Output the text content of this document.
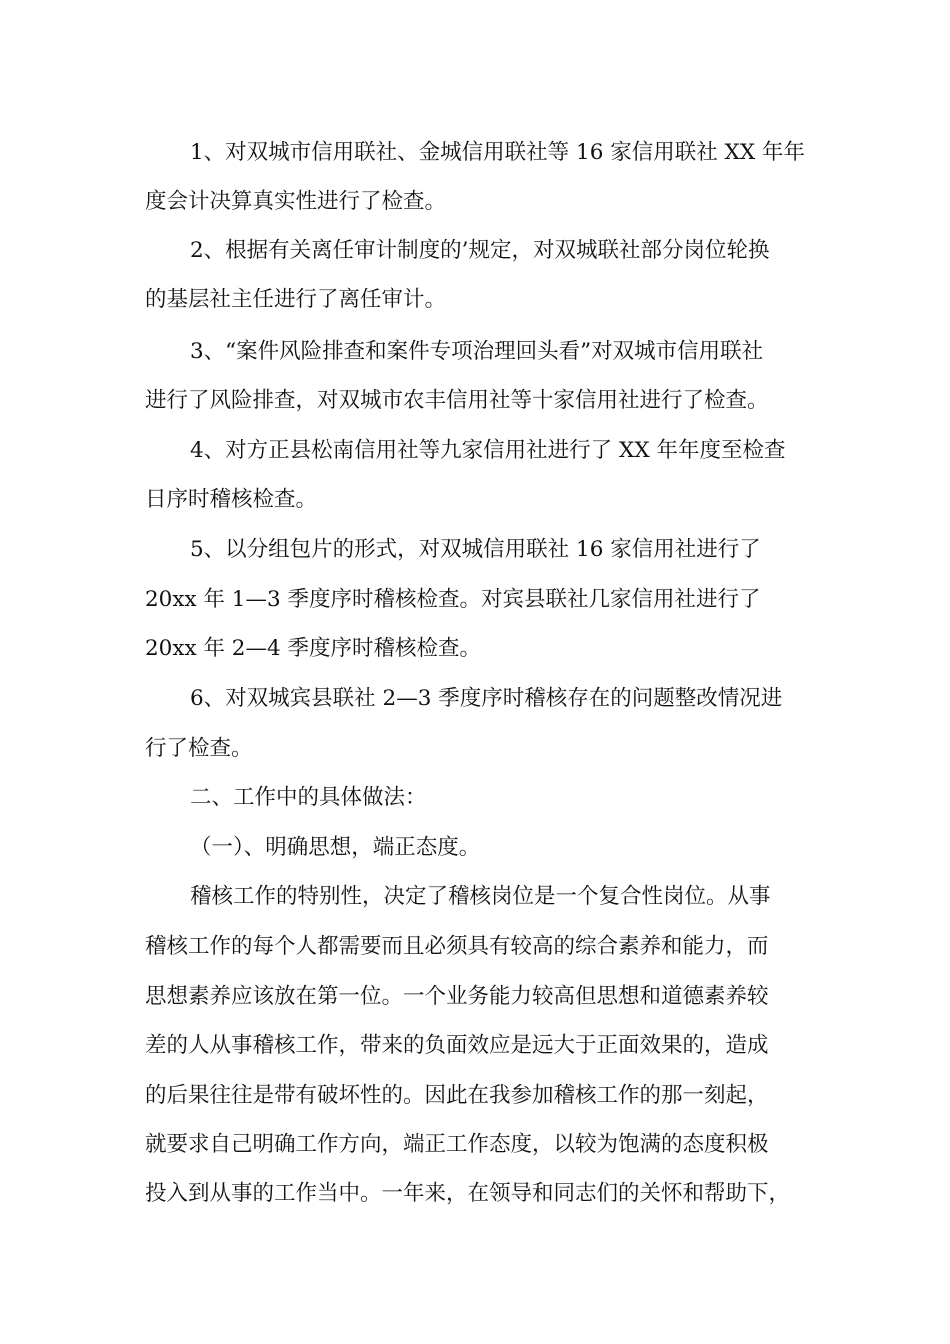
1、对双城市信用联社、金城信用联社等 16 家信用联社 XX 年年
度会计决算真实性进行了检查。
2、根据有关离任审计制度的’规定，对双城联社部分岗位轮换
的基层社主任进行了离任审计。
3、“案件风险排查和案件专项治理回头看”对双城市信用联社
进行了风险排查，对双城市农丰信用社等十家信用社进行了检查。
4、对方正县松南信用社等九家信用社进行了 XX 年年度至检查
日序时稽核检查。
5、以分组包片的形式，对双城信用联社 16 家信用社进行了
20xx 年 1—3 季度序时稽核检查。对宾县联社几家信用社进行了
20xx 年 2—4 季度序时稽核检查。
6、对双城宾县联社 2—3 季度序时稽核存在的问题整改情况进
行了检查。
二、工作中的具体做法：
（一）、明确思想，端正态度。
稽核工作的特别性，决定了稽核岗位是一个复合性岗位。从事
稽核工作的每个人都需要而且必须具有较高的综合素养和能力，而
思想素养应该放在第一位。一个业务能力较高但思想和道德素养较
差的人从事稽核工作，带来的负面效应是远大于正面效果的，造成
的后果往往是带有破坏性的。因此在我参加稽核工作的那一刻起，
就要求自己明确工作方向，端正工作态度，以较为饱满的态度积极
投入到从事的工作当中。一年来，在领导和同志们的关怀和帮助下，
